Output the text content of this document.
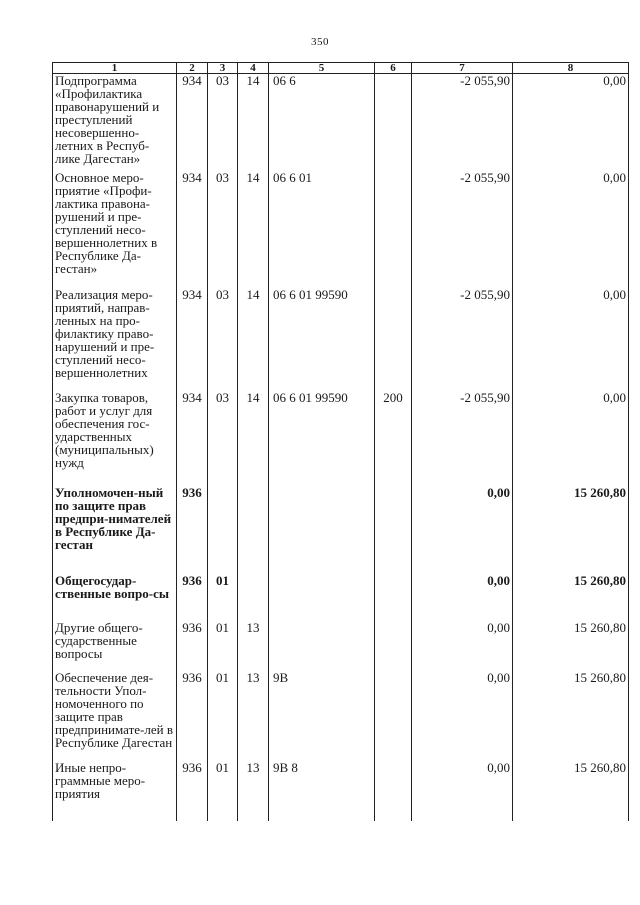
350
1	2	3	4	5	6	7	8
Подпрограмма «Профилактика правонарушений и преступлений несовершенно-летних в Респуб-лике Дагестан»	934	03	14	06 6		-2 055,90	0,00
Основное меро-приятие «Профи-лактика правона-рушений и пре-ступлений несо-вершеннолетних в Республике Да-гестан»	934	03	14	06 6 01		-2 055,90	0,00
Реализация меро-приятий, направ-ленных на про-филактику право-нарушений и пре-ступлений несо-вершеннолетних	934	03	14	06 6 01 99590		-2 055,90	0,00
Закупка товаров, работ и услуг для обеспечения гос-ударственных (муниципальных) нужд	934	03	14	06 6 01 99590	200	-2 055,90	0,00
Уполномочен-ный по защите прав предпри-нимателей в Республике Да-гестан	936					0,00	15 260,80
Общегосудар-ственные вопро-сы	936	01				0,00	15 260,80
Другие общего-сударственные вопросы	936	01	13			0,00	15 260,80
Обеспечение дея-тельности Упол-номоченного по защите прав предпринимате-лей в Республике Дагестан	936	01	13	9В		0,00	15 260,80
Иные непро-граммные меро-приятия	936	01	13	9В 8		0,00	15 260,80
